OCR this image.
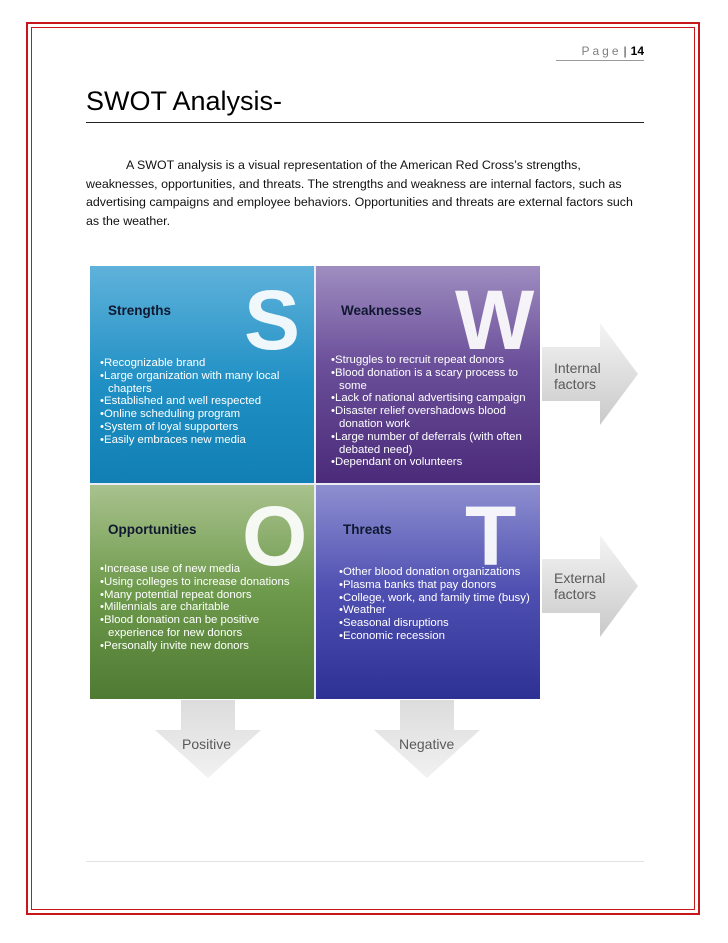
Page | 14
SWOT Analysis-
A SWOT analysis is a visual representation of the American Red Cross’s strengths, weaknesses, opportunities, and threats. The strengths and weakness are internal factors, such as advertising campaigns and employee behaviors. Opportunities and threats are external factors such as the weather.
S
Strengths
• Recognizable brand
• Large organization with many local chapters
• Established and well respected
• Online scheduling program
• System of loyal supporters
• Easily embraces new media
W
Weaknesses
• Struggles to recruit repeat donors
• Blood donation is a scary process to some
• Lack of national advertising campaign
• Disaster relief overshadows blood donation work
• Large number of deferrals (with often debated need)
• Dependant on volunteers
O
Opportunities
• Increase use of new media
• Using colleges to increase donations
• Many potential repeat donors
• Millennials are charitable
• Blood donation can be positive experience for new donors
• Personally invite new donors
T
Threats
• Other blood donation organizations
• Plasma banks that pay donors
• College, work, and family time (busy)
• Weather
• Seasonal disruptions
• Economic recession
Internal
factors
External
factors
Positive	Negative
